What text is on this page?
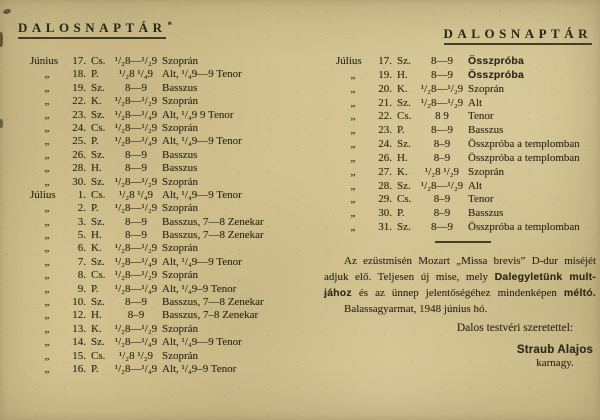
DALOSNAPTÁR*
Június	17. Cs. ¹/₂8—¹/₂9 Szoprán
„	18. P.	¹/₂8 ¹/₄9 Alt, ¹/₄9—9 Tenor
„	19. Sz.	8—9	Basszus
„	22. K.	¹/₂8—¹/₂9 Szoprán
„	23. Sz. ¹/₂8—¹/₄9 Alt, ¹/₄9 9 Tenor
„	24. Cs. ¹/₂8—¹/₂9 Szoprán
„	25. P.	¹/₂8—¹/₄9 Alt, ¹/₄9—9 Tenor
„	26. Sz.	8—9	Basszus
„	28. H.	8—9	Basszus
„	30. Sz. ¹/₂8—¹/₂9 Szoprán
Július	1. Cs.	¹/₂8 ¹/₄9 Alt, ¹/₄9—9 Tenor
„	2. P.	¹/₂8—¹/₂9 Szoprán
„	3. Sz.	8—9	Basszus, 7—8 Zenekar
„	5. H.	8—9	Basszus, 7—8 Zenekar
„	6. K.	¹/₂8—¹/₂9 Szoprán
„	7. Sz. ¹/₂8—¹/₄9 Alt, ¹/₄9—9 Tenor
„	8. Cs. ¹/₂8—¹/₂9 Szoprán
„	9. P.	¹/₂8—¹/₄9 Alt, ¹/₄9–9 Tenor
„	10. Sz.	8—9	Basszus, 7—8 Zenekar
„	12. H.	8–9	Basszus, 7–8 Zenekar
„	13. K.	¹/₂8—¹/₂9 Szoprán
„	14. Sz. ¹/₂8—¹/₄9 Alt, ¹/₄9—9 Tenor
„	15. Cs.	¹/₂8 ¹/₂9 Szoprán
„	16. P.	¹/₂8—¹/₄9 Alt, ¹/₄9–9 Tenor
DALOSNAPTÁR
Július	17. Sz.	8—9	Összpróba
„	19. H.	8—9	Összpróba
„	20. K.	¹/₂8—¹/₂9 Szoprán
„	21. Sz. ¹/₂8—¹/₂9 Alt
„	22. Cs.	8 9	Tenor
„	23. P.	8—9	Basszus
„	24. Sz.	8–9	Összpróba a templomban
„	26. H.	8–9	Összpróba a templomban
„	27. K.	¹/₂8 ¹/₂9 Szoprán
„	28. Sz. ¹/₂8—¹/₂9 Alt
„	29. Cs.	8–9	Tenor
„	30. P.	8–9	Basszus
„	31. Sz.	8—9	Összpróba a templomban
Az ezüstmisén Mozart „Missa brevis” D-dur miséjét
adjuk elő. Teljesen új mise, mely Dalegyletünk mult-
jához és az ünnep jelentőségéhez mindenképen méltó.
Balassagyarmat, 1948 június hó.
Dalos testvéri szeretettel:
Straub Alajos
karnagy.
